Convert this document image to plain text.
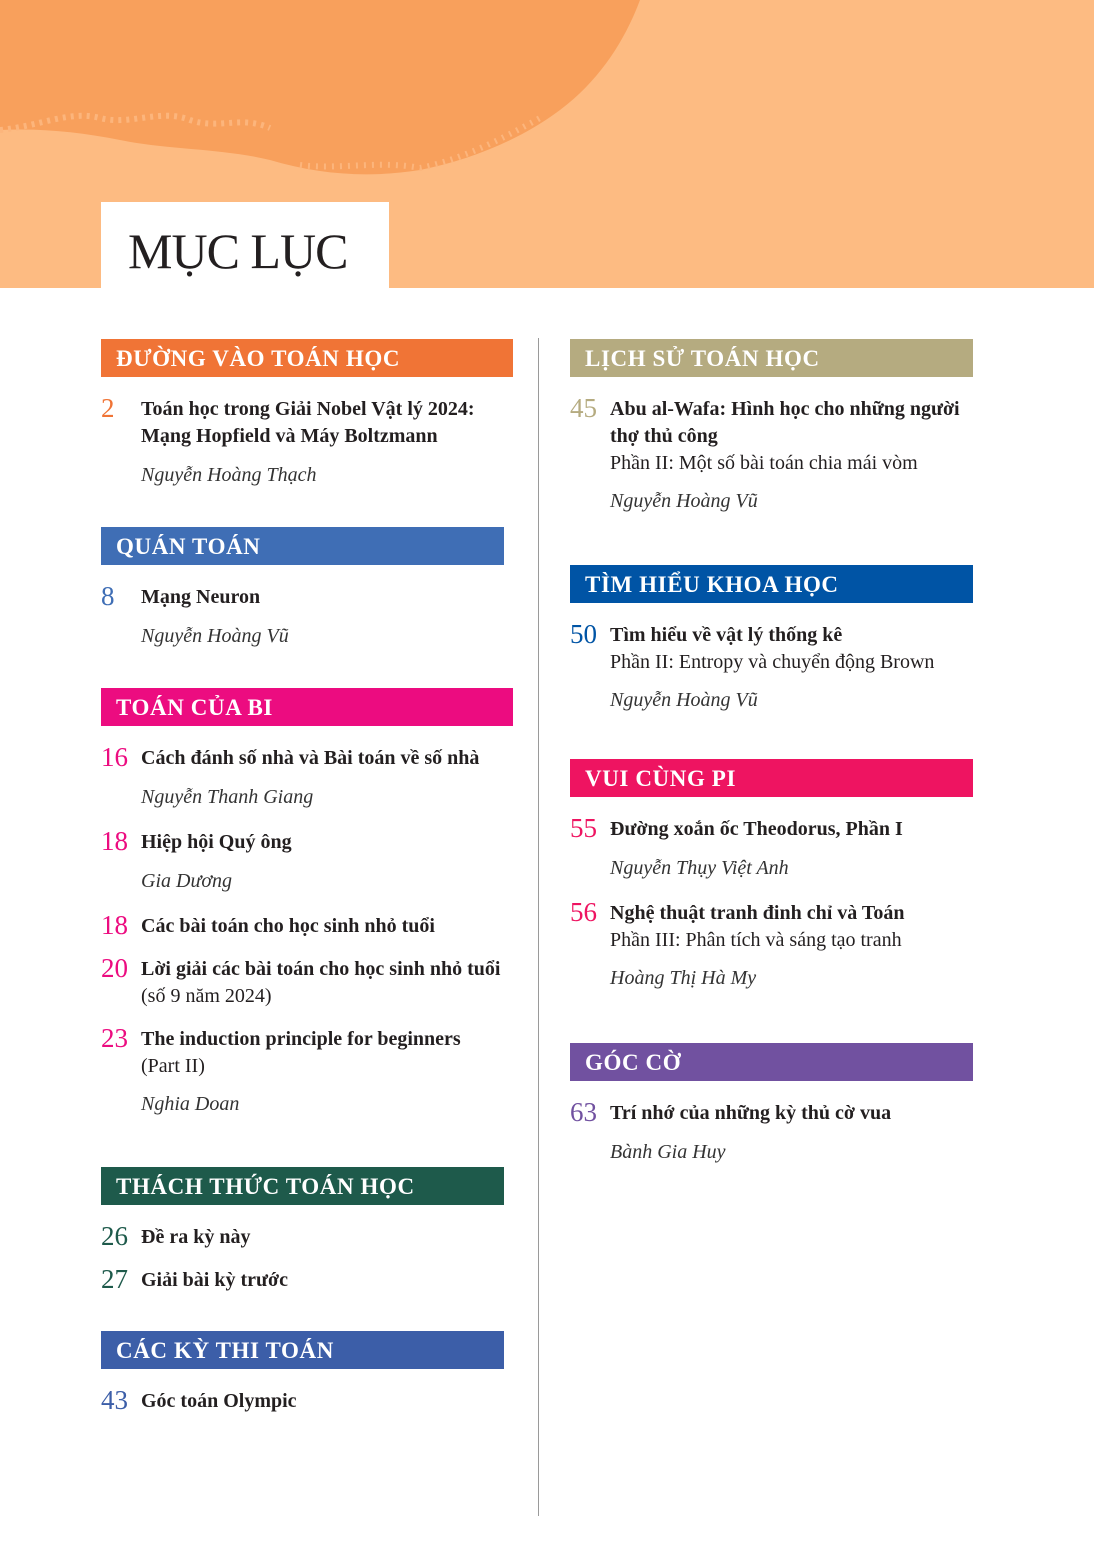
MỤC LỤC
ĐƯỜNG VÀO TOÁN HỌC
2 Toán học trong Giải Nobel Vật lý 2024: Mạng Hopfield và Máy Boltzmann
Nguyễn Hoàng Thạch
QUÁN TOÁN
8 Mạng Neuron
Nguyễn Hoàng Vũ
TOÁN CỦA BI
16 Cách đánh số nhà và Bài toán về số nhà
Nguyễn Thanh Giang
18 Hiệp hội Quý ông
Gia Dương
18 Các bài toán cho học sinh nhỏ tuổi
20 Lời giải các bài toán cho học sinh nhỏ tuổi (số 9 năm 2024)
23 The induction principle for beginners
(Part II)
Nghia Doan
THÁCH THỨC TOÁN HỌC
26 Đề ra kỳ này
27 Giải bài kỳ trước
CÁC KỲ THI TOÁN
43 Góc toán Olympic
LỊCH SỬ TOÁN HỌC
45 Abu al-Wafa: Hình học cho những người thợ thủ công
Phần II: Một số bài toán chia mái vòm
Nguyễn Hoàng Vũ
TÌM HIỂU KHOA HỌC
50 Tìm hiểu về vật lý thống kê
Phần II: Entropy và chuyển động Brown
Nguyễn Hoàng Vũ
VUI CÙNG PI
55 Đường xoắn ốc Theodorus, Phần I
Nguyễn Thụy Việt Anh
56 Nghệ thuật tranh đinh chỉ và Toán
Phần III: Phân tích và sáng tạo tranh
Hoàng Thị Hà My
GÓC CỜ
63 Trí nhớ của những kỳ thủ cờ vua
Bành Gia Huy
